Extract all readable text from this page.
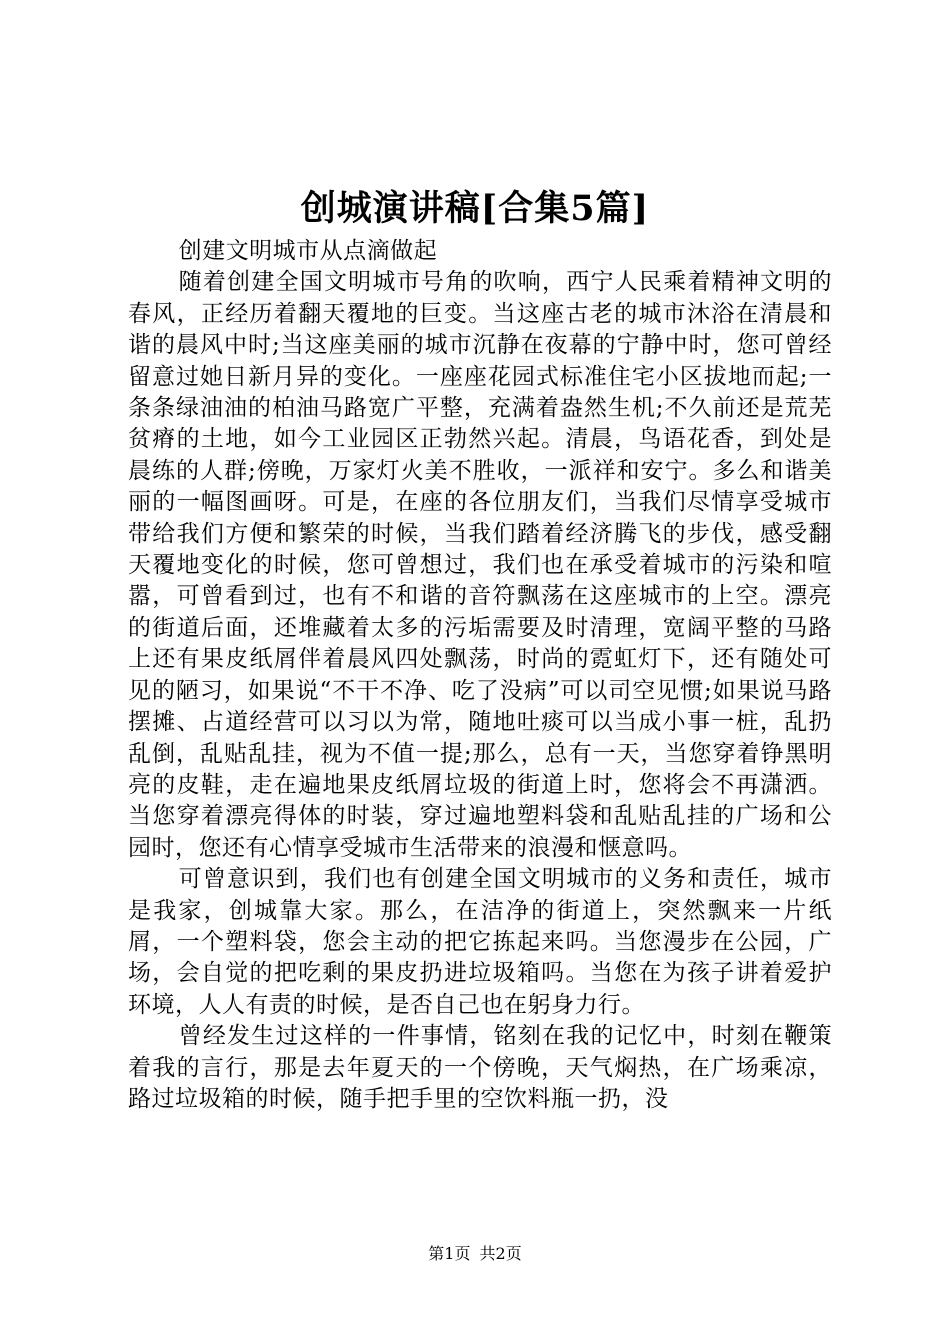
创城演讲稿[合集5篇]

创建文明城市从点滴做起

随着创建全国文明城市号角的吹响，西宁人民乘着精神文明的春风，正经历着翻天覆地的巨变。当这座古老的城市沐浴在清晨和谐的晨风中时;当这座美丽的城市沉静在夜幕的宁静中时，您可曾经留意过她日新月异的变化。一座座花园式标准住宅小区拔地而起;一条条绿油油的柏油马路宽广平整，充满着盎然生机;不久前还是荒芜贫瘠的土地，如今工业园区正勃然兴起。清晨，鸟语花香，到处是晨练的人群;傍晚，万家灯火美不胜收，一派祥和安宁。多么和谐美丽的一幅图画呀。可是，在座的各位朋友们，当我们尽情享受城市带给我们方便和繁荣的时候，当我们踏着经济腾飞的步伐，感受翻天覆地变化的时候，您可曾想过，我们也在承受着城市的污染和喧嚣，可曾看到过，也有不和谐的音符飘荡在这座城市的上空。漂亮的街道后面，还堆藏着太多的污垢需要及时清理，宽阔平整的马路上还有果皮纸屑伴着晨风四处飘荡，时尚的霓虹灯下，还有随处可见的陋习，如果说“不干不净、吃了没病”可以司空见惯;如果说马路摆摊、占道经营可以习以为常，随地吐痰可以当成小事一桩，乱扔乱倒，乱贴乱挂，视为不值一提;那么，总有一天，当您穿着铮黑明亮的皮鞋，走在遍地果皮纸屑垃圾的街道上时，您将会不再潇洒。当您穿着漂亮得体的时装，穿过遍地塑料袋和乱贴乱挂的广场和公园时，您还有心情享受城市生活带来的浪漫和惬意吗。

可曾意识到，我们也有创建全国文明城市的义务和责任，城市是我家，创城靠大家。那么，在洁净的街道上，突然飘来一片纸屑，一个塑料袋，您会主动的把它拣起来吗。当您漫步在公园，广场，会自觉的把吃剩的果皮扔进垃圾箱吗。当您在为孩子讲着爱护环境，人人有责的时候，是否自己也在躬身力行。

曾经发生过这样的一件事情，铭刻在我的记忆中，时刻在鞭策着我的言行，那是去年夏天的一个傍晚，天气焖热，在广场乘凉，路过垃圾箱的时候，随手把手里的空饮料瓶一扔，没

第1页 共2页
